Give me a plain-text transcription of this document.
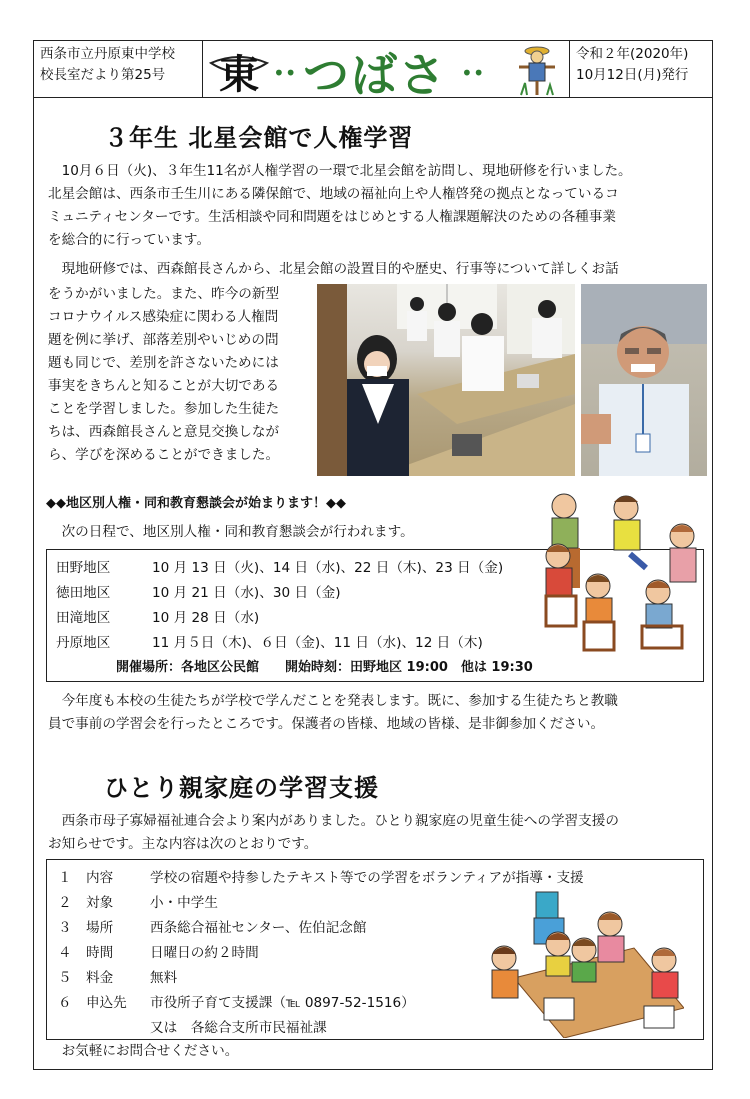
西条市立丹原東中学校
校長室だより第25号	東 •• つばさ ••
令和２年(2020年)
10月12日(月)発行
３年生 北星会館で人権学習
　10月６日（火)、３年生11名が人権学習の一環で北星会館を訪問し、現地研修を行いました。
北星会館は、西条市壬生川にある隣保館で、地域の福祉向上や人権啓発の拠点となっているコ
ミュニティセンターです。生活相談や同和問題をはじめとする人権課題解決のための各種事業
を総合的に行っています。
　現地研修では、西森館長さんから、北星会館の設置目的や歴史、行事等について詳しくお話
をうかがいました。また、昨今の新型
コロナウイルス感染症に関わる人権問
題を例に挙げ、部落差別やいじめの問
題も同じで、差別を許さないためには
事実をきちんと知ることが大切である
ことを学習しました。参加した生徒た
ちは、西森館長さんと意見交換しなが
ら、学びを深めることができました。
◆◆地区別人権・同和教育懇談会が始まります！◆◆
　次の日程で、地区別人権・同和教育懇談会が行われます。
田野地区	10 月 13 日（火)、14 日（水)、22 日（木)、23 日（金)
徳田地区	10 月 21 日（水)、30 日（金)
田滝地区	10 月 28 日（水)
丹原地区	11 月５日（木)、６日（金)、11 日（水)、12 日（木)
開催場所：各地区公民館　　開始時刻：田野地区 19:00　他は 19:30
　今年度も本校の生徒たちが学校で学んだことを発表します。既に、参加する生徒たちと教職
員で事前の学習会を行ったところです。保護者の皆様、地域の皆様、是非御参加ください。
ひとり親家庭の学習支援
　西条市母子寡婦福祉連合会より案内がありました。ひとり親家庭の児童生徒への学習支援の
お知らせです。主な内容は次のとおりです。
１ 内容	学校の宿題や持参したテキスト等での学習をボランティアが指導・支援
２ 対象	小・中学生
３ 場所	西条総合福祉センター、佐伯記念館
４ 時間	日曜日の約２時間
５ 料金	無料
６ 申込先 市役所子育て支援課（℡ 0897-52-1516）
又は　各総合支所市民福祉課
　お気軽にお問合せください。
